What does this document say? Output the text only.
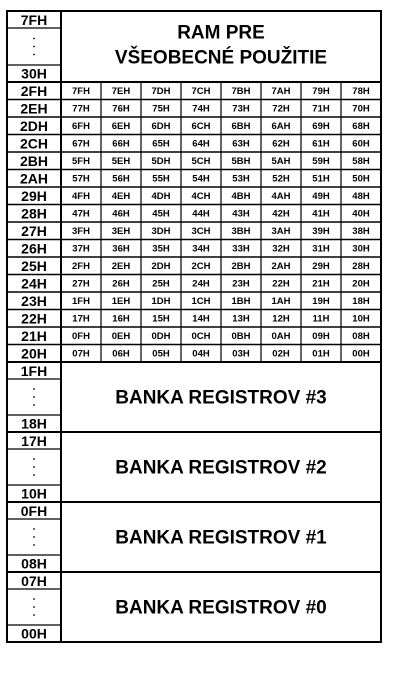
7FH
30H
RAM PRE
VŠEOBECNÉ POUŽITIE
2FH	7FH 7EH 7DH 7CH 7BH 7AH 79H 78H
2EH	77H 76H 75H 74H 73H 72H 71H 70H
2DH	6FH 6EH 6DH 6CH 6BH 6AH 69H 68H
2CH	67H 66H 65H 64H 63H 62H 61H 60H
2BH	5FH 5EH 5DH 5CH 5BH 5AH 59H 58H
2AH	57H 56H 55H 54H 53H 52H 51H 50H
29H	4FH 4EH 4DH 4CH 4BH 4AH 49H 48H
28H	47H 46H 45H 44H 43H 42H 41H 40H
27H	3FH 3EH 3DH 3CH 3BH 3AH 39H 38H
26H	37H 36H 35H 34H 33H 32H 31H 30H
25H	2FH 2EH 2DH 2CH 2BH 2AH 29H 28H
24H	27H 26H 25H 24H 23H 22H 21H 20H
23H	1FH 1EH 1DH 1CH 1BH 1AH 19H 18H
22H	17H 16H 15H 14H 13H 12H 11H 10H
21H	0FH 0EH 0DH 0CH 0BH 0AH 09H 08H
20H	07H 06H 05H 04H 03H 02H 01H 00H
1FH
18H
BANKA REGISTROV #3
17H
10H
BANKA REGISTROV #2
0FH
08H
BANKA REGISTROV #1
07H
00H
BANKA REGISTROV #0
